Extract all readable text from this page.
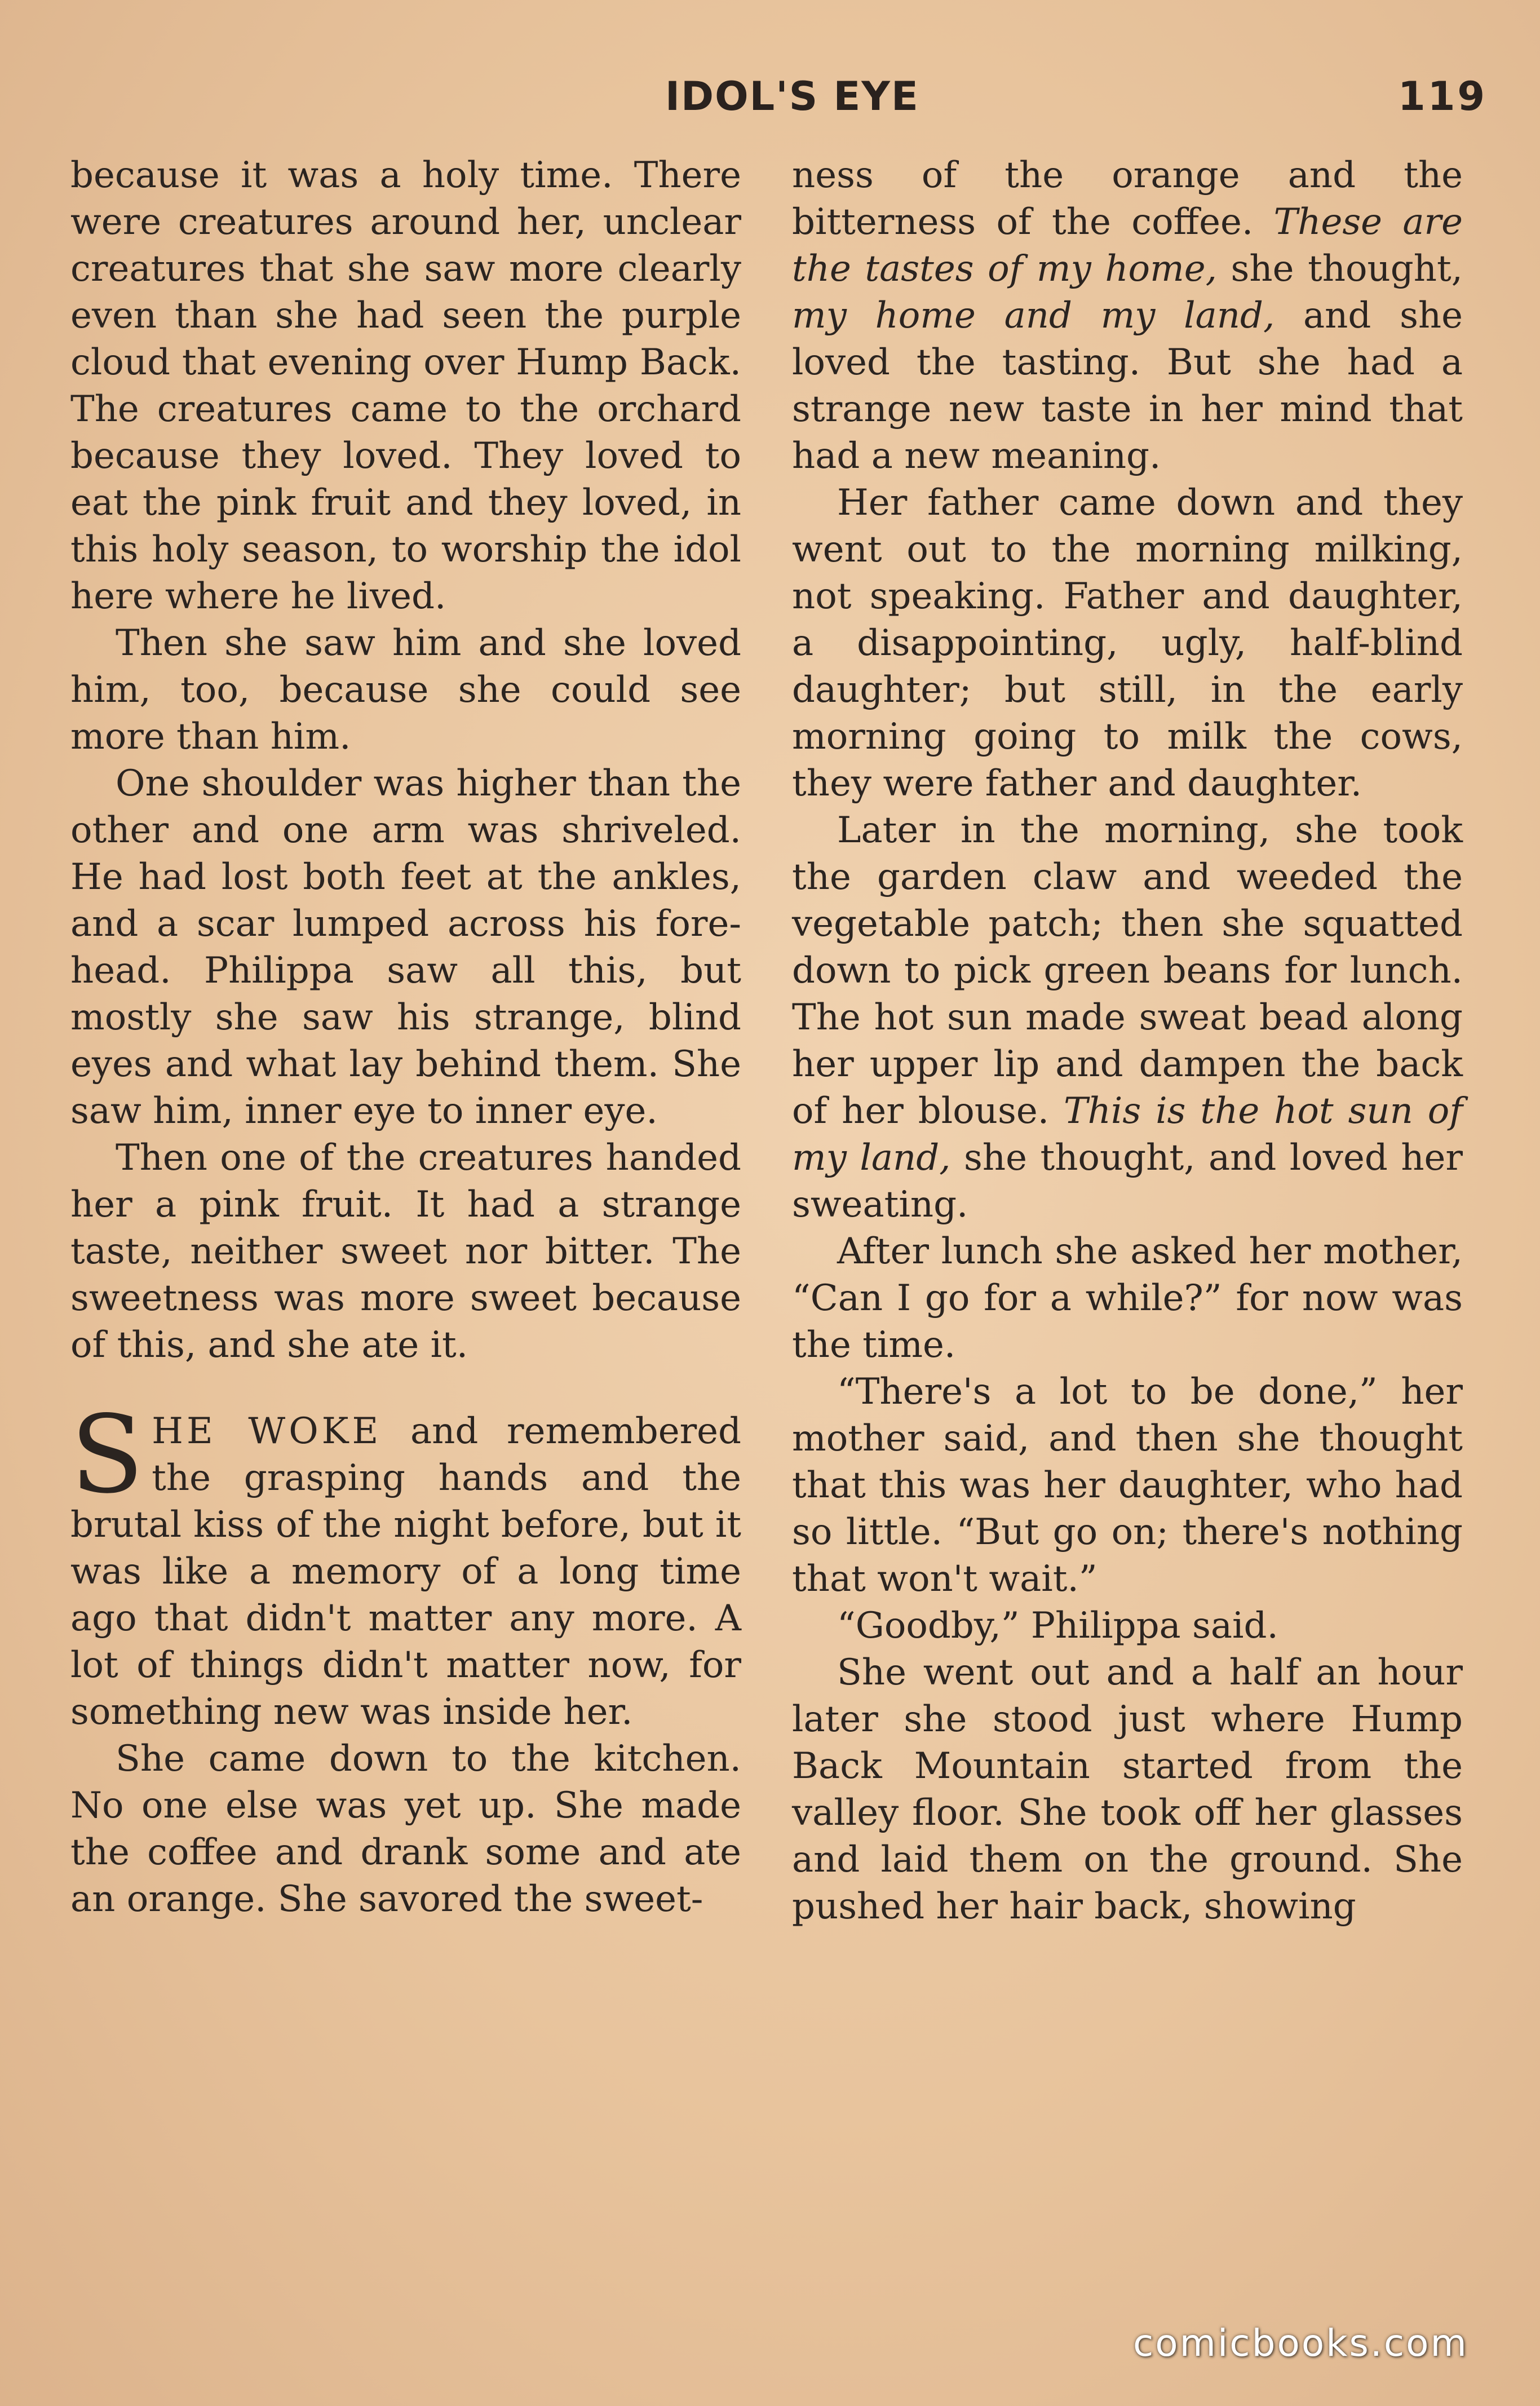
IDOL'S EYE	119

because it was a holy time. There were creatures around her, unclear creatures that she saw more clearly even than she had seen the purple cloud that evening over Hump Back. The creatures came to the orchard because they loved. They loved to eat the pink fruit and they loved, in this holy season, to worship the idol here where he lived.

Then she saw him and she loved him, too, because she could see more than him.

One shoulder was higher than the other and one arm was shriveled. He had lost both feet at the ankles, and a scar lumped across his forehead. Philippa saw all this, but mostly she saw his strange, blind eyes and what lay behind them. She saw him, inner eye to inner eye.

Then one of the creatures handed her a pink fruit. It had a strange taste, neither sweet nor bitter. The sweetness was more sweet because of this, and she ate it.

SHE WOKE and remembered the grasping hands and the brutal kiss of the night before, but it was like a memory of a long time ago that didn't matter any more. A lot of things didn't matter now, for something new was inside her.

She came down to the kitchen. No one else was yet up. She made the coffee and drank some and ate an orange. She savored the sweet-

ness of the orange and the bitterness of the coffee. These are the tastes of my home, she thought, my home and my land, and she loved the tasting. But she had a strange new taste in her mind that had a new meaning.

Her father came down and they went out to the morning milking, not speaking. Father and daughter, a disappointing, ugly, half-blind daughter; but still, in the early morning going to milk the cows, they were father and daughter.

Later in the morning, she took the garden claw and weeded the vegetable patch; then she squatted down to pick green beans for lunch. The hot sun made sweat bead along her upper lip and dampen the back of her blouse. This is the hot sun of my land, she thought, and loved her sweating.

After lunch she asked her mother, “Can I go for a while?” for now was the time.

“There's a lot to be done,” her mother said, and then she thought that this was her daughter, who had so little. “But go on; there's nothing that won't wait.”

“Goodby,” Philippa said.

She went out and a half an hour later she stood just where Hump Back Mountain started from the valley floor. She took off her glasses and laid them on the ground. She pushed her hair back, showing

comicbooks.com
